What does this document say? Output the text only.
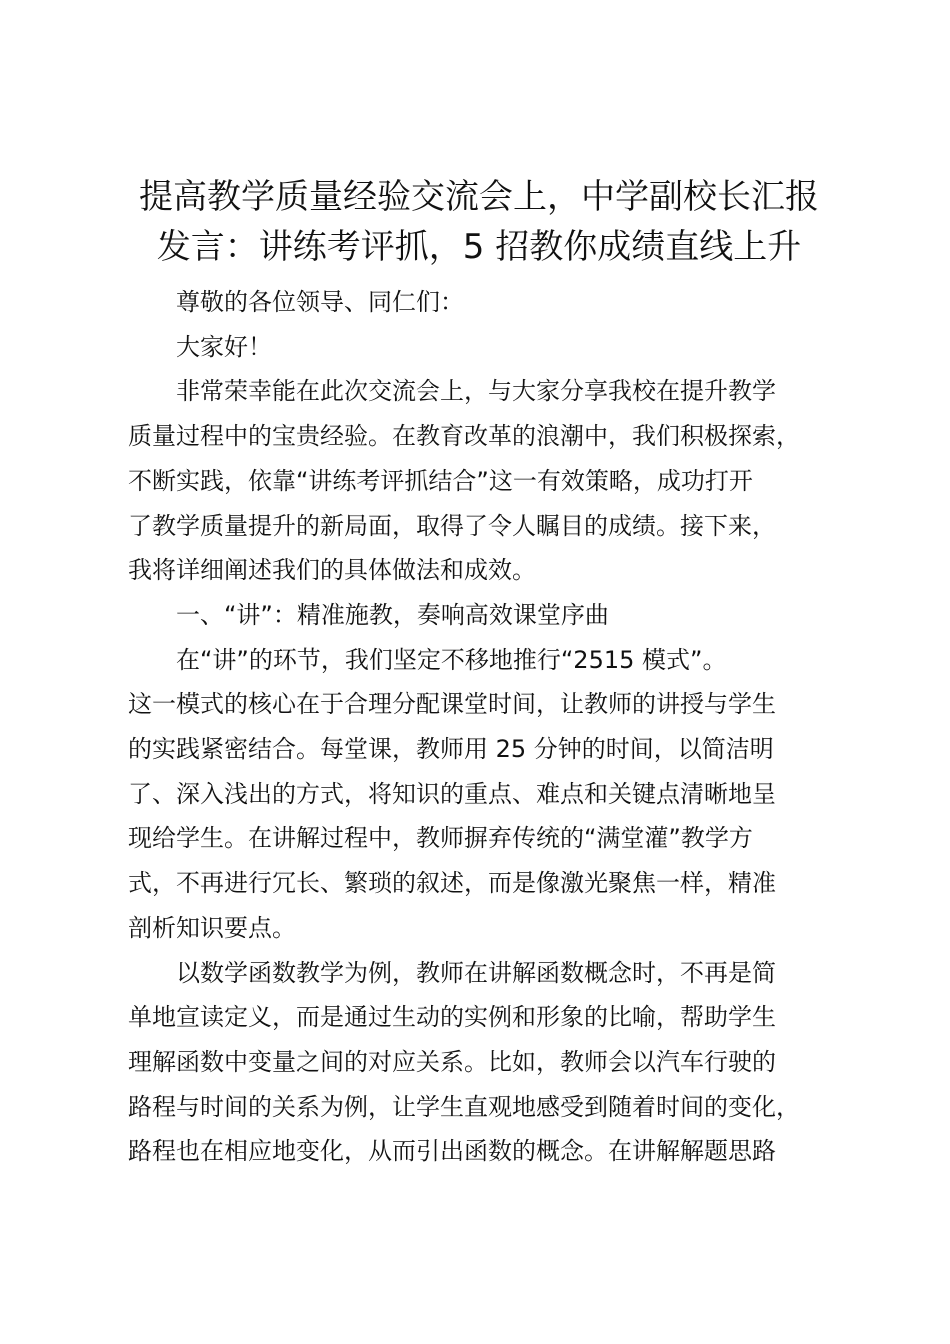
提高教学质量经验交流会上，中学副校长汇报
发言：讲练考评抓，5 招教你成绩直线上升

尊敬的各位领导、同仁们：

大家好！

非常荣幸能在此次交流会上，与大家分享我校在提升教学
质量过程中的宝贵经验。在教育改革的浪潮中，我们积极探索，
不断实践，依靠“讲练考评抓结合”这一有效策略，成功打开
了教学质量提升的新局面，取得了令人瞩目的成绩。接下来，
我将详细阐述我们的具体做法和成效。

一、“讲”：精准施教，奏响高效课堂序曲

在“讲”的环节，我们坚定不移地推行“2515 模式”。
这一模式的核心在于合理分配课堂时间，让教师的讲授与学生
的实践紧密结合。每堂课，教师用 25 分钟的时间，以简洁明
了、深入浅出的方式，将知识的重点、难点和关键点清晰地呈
现给学生。在讲解过程中，教师摒弃传统的“满堂灌”教学方
式，不再进行冗长、繁琐的叙述，而是像激光聚焦一样，精准
剖析知识要点。

以数学函数教学为例，教师在讲解函数概念时，不再是简
单地宣读定义，而是通过生动的实例和形象的比喻，帮助学生
理解函数中变量之间的对应关系。比如，教师会以汽车行驶的
路程与时间的关系为例，让学生直观地感受到随着时间的变化，
路程也在相应地变化，从而引出函数的概念。在讲解解题思路
